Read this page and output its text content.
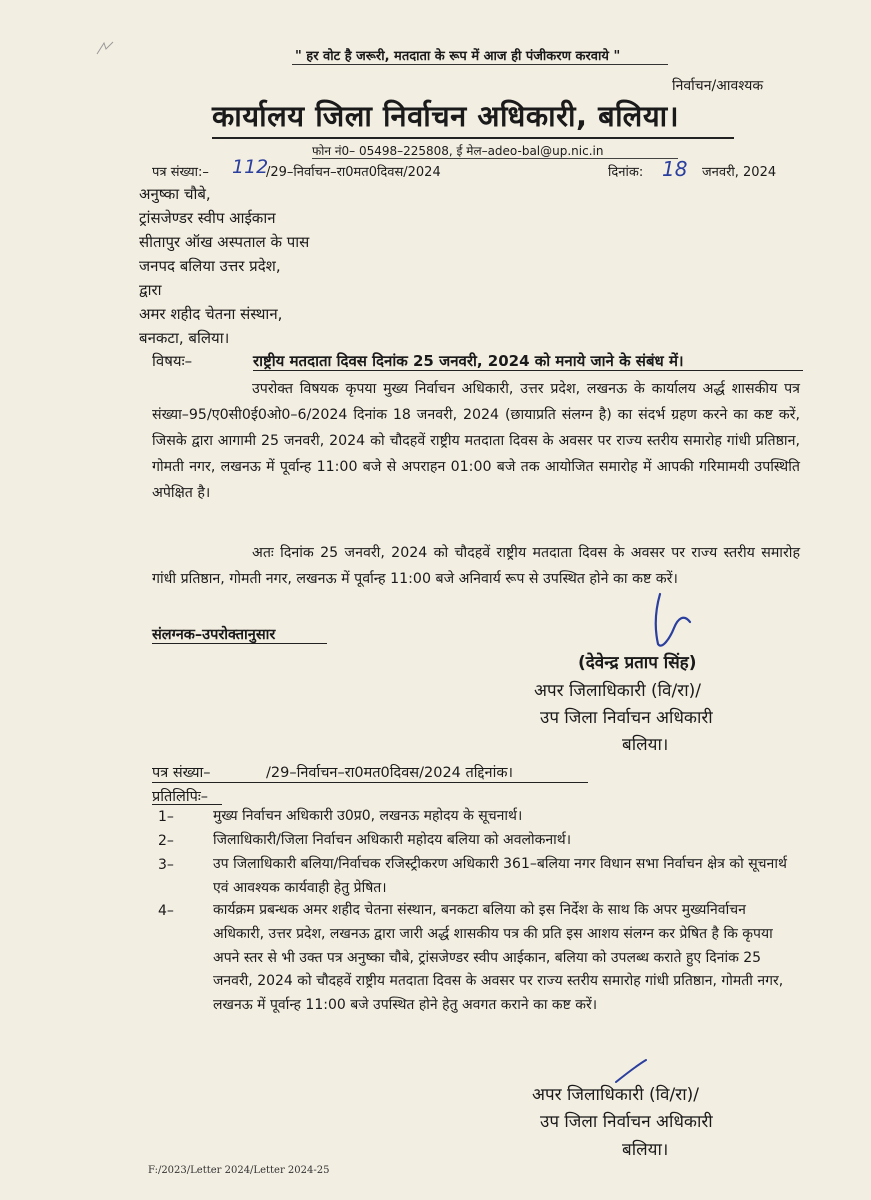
" हर वोट है जरूरी, मतदाता के रूप में आज ही पंजीकरण करवाये "
निर्वाचन/आवश्यक
कार्यालय जिला निर्वाचन अधिकारी, बलिया।
फोन नं0– 05498–225808, ई मेल–adeo-bal@up.nic.in
पत्र संख्या:– 112
/29–निर्वाचन–रा0मत0दिवस/2024	दिनांक: 18 जनवरी, 2024
अनुष्का चौबे,
ट्रांसजेण्डर स्वीप आईकान
सीतापुर ऑख अस्पताल के पास
जनपद बलिया उत्तर प्रदेश,
द्वारा
अमर शहीद चेतना संस्थान,
बनकटा, बलिया।
विषयः–	राष्ट्रीय मतदाता दिवस दिनांक 25 जनवरी, 2024 को मनाये जाने के संबंध में।

उपरोक्त विषयक कृपया मुख्य निर्वाचन अधिकारी, उत्तर प्रदेश, लखनऊ के कार्यालय अर्द्ध शासकीय पत्र संख्या–95/ए0सी0ई0ओ0–6/2024 दिनांक 18 जनवरी, 2024 (छायाप्रति संलग्न है) का संदर्भ ग्रहण करने का कष्ट करें, जिसके द्वारा आगामी 25 जनवरी, 2024 को चौदहवें राष्ट्रीय मतदाता दिवस के अवसर पर राज्य स्तरीय समारोह गांधी प्रतिष्ठान, गोमती नगर, लखनऊ में पूर्वान्ह 11:00 बजे से अपराहन 01:00 बजे तक आयोजित समारोह में आपकी गरिमामयी उपस्थिति अपेक्षित है।

अतः दिनांक 25 जनवरी, 2024 को चौदहवें राष्ट्रीय मतदाता दिवस के अवसर पर राज्य स्तरीय समारोह गांधी प्रतिष्ठान, गोमती नगर, लखनऊ में पूर्वान्ह 11:00 बजे अनिवार्य रूप से उपस्थित होने का कष्ट करें।

संलग्नक–उपरोक्तानुसार
(देवेन्द्र प्रताप सिंह)
अपर जिलाधिकारी (वि/रा)/
उप जिला निर्वाचन अधिकारी
बलिया।
पत्र संख्या–	/29–निर्वाचन–रा0मत0दिवस/2024 तद्दिनांक।
प्रतिलिपिः–
1–	मुख्य निर्वाचन अधिकारी उ0प्र0, लखनऊ महोदय के सूचनार्थ।

2–	जिलाधिकारी/जिला निर्वाचन अधिकारी महोदय बलिया को अवलोकनार्थ।

3–	उप जिलाधिकारी बलिया/निर्वाचक रजिस्ट्रीकरण अधिकारी 361–बलिया नगर विधान सभा निर्वाचन क्षेत्र को सूचनार्थ एवं आवश्यक कार्यवाही हेतु प्रेषित।

4–	कार्यक्रम प्रबन्धक अमर शहीद चेतना संस्थान, बनकटा बलिया को इस निर्देश के साथ कि अपर मुख्यनिर्वाचन अधिकारी, उत्तर प्रदेश, लखनऊ द्वारा जारी अर्द्ध शासकीय पत्र की प्रति इस आशय संलग्न कर प्रेषित है कि कृपया अपने स्तर से भी उक्त पत्र अनुष्का चौबे, ट्रांसजेण्डर स्वीप आईकान, बलिया को उपलब्ध कराते हुए दिनांक 25 जनवरी, 2024 को चौदहवें राष्ट्रीय मतदाता दिवस के अवसर पर राज्य स्तरीय समारोह गांधी प्रतिष्ठान, गोमती नगर, लखनऊ में पूर्वान्ह 11:00 बजे उपस्थित होने हेतु अवगत कराने का कष्ट करें।

अपर जिलाधिकारी (वि/रा)/
उप जिला निर्वाचन अधिकारी
बलिया।
F:/2023/Letter 2024/Letter 2024-25
